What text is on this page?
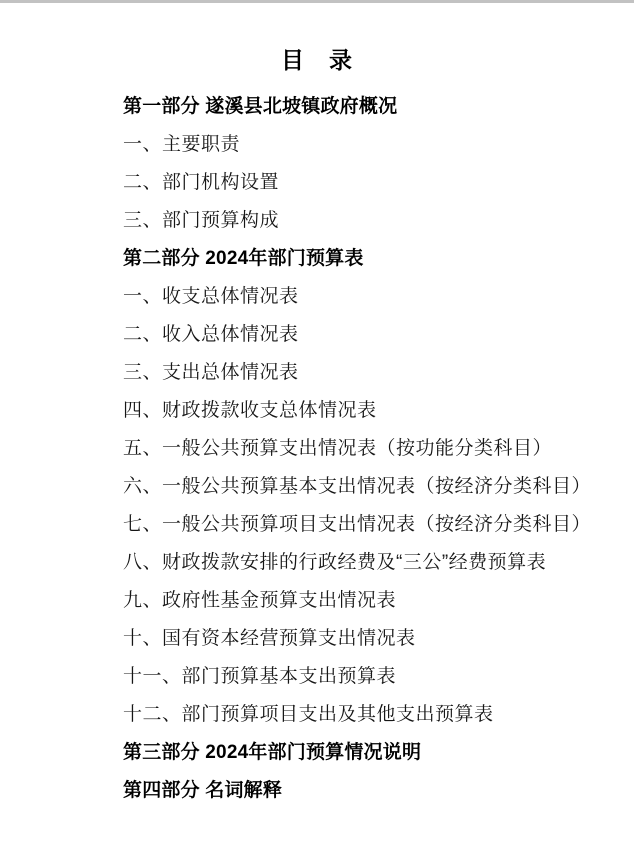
目　录
第一部分 遂溪县北坡镇政府概况
一、主要职责
二、部门机构设置
三、部门预算构成
第二部分 2024年部门预算表
一、收支总体情况表
二、收入总体情况表
三、支出总体情况表
四、财政拨款收支总体情况表
五、一般公共预算支出情况表（按功能分类科目）
六、一般公共预算基本支出情况表（按经济分类科目）
七、一般公共预算项目支出情况表（按经济分类科目）
八、财政拨款安排的行政经费及“三公”经费预算表
九、政府性基金预算支出情况表
十、国有资本经营预算支出情况表
十一、部门预算基本支出预算表
十二、部门预算项目支出及其他支出预算表
第三部分 2024年部门预算情况说明
第四部分 名词解释
